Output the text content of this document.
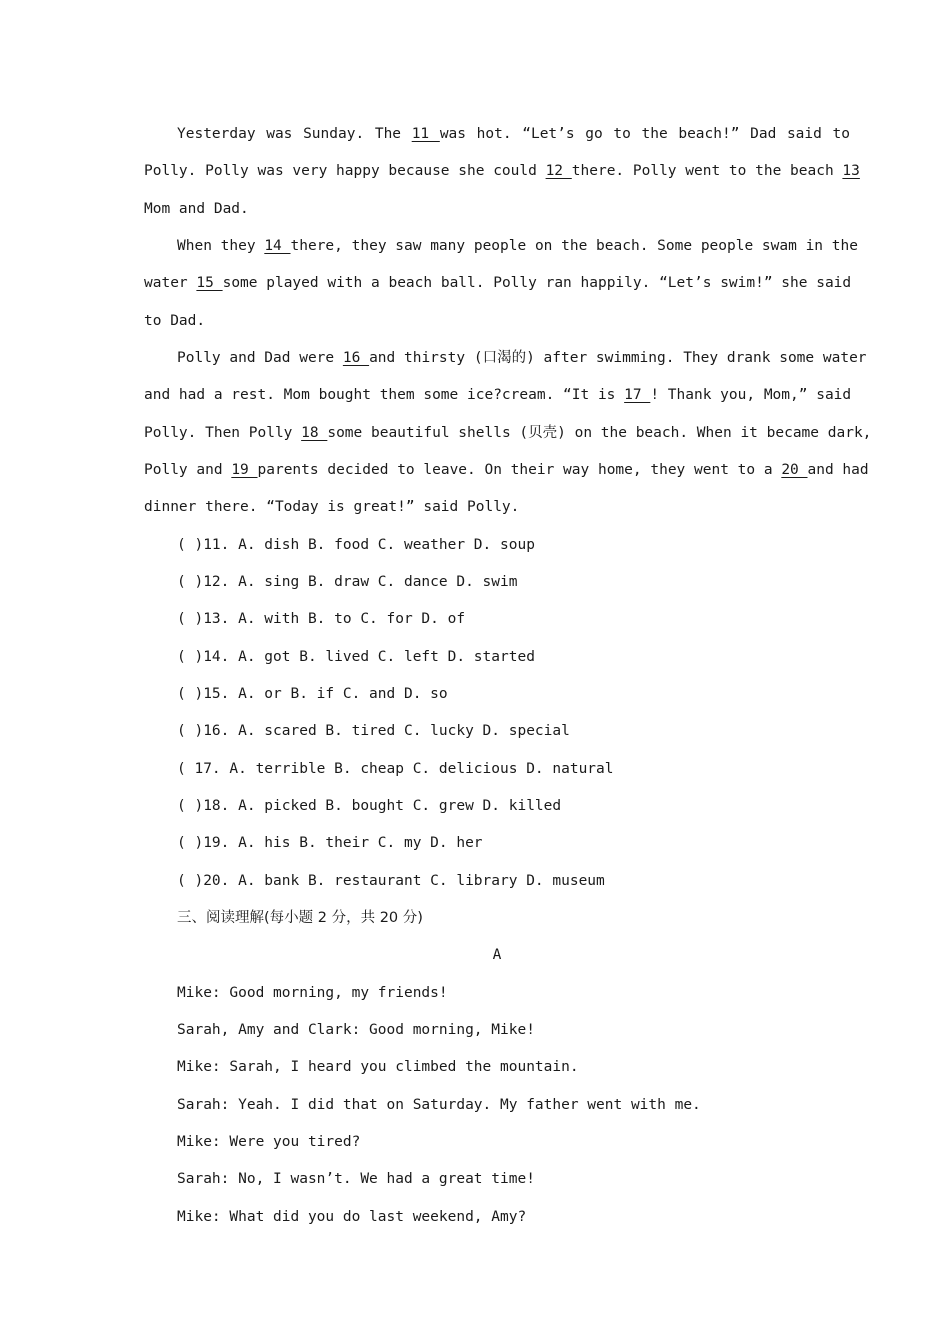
Yesterday was Sunday. The 11 was hot. “Let’s go to the beach!” Dad said to
Polly. Polly was very happy because she could 12 there. Polly went to the beach 13
Mom and Dad.
When they 14 there, they saw many people on the beach. Some people swam in the
water 15 some played with a beach ball. Polly ran happily. “Let’s swim!” she said
to Dad.
Polly and Dad were 16 and thirsty (口渴的) after swimming. They drank some water
and had a rest. Mom bought them some ice?cream. “It is 17 ! Thank you, Mom,” said
Polly. Then Polly 18 some beautiful shells (贝壳) on the beach. When it became dark,
Polly and 19 parents decided to leave. On their way home, they went to a 20 and had
dinner there. “Today is great!” said Polly.
( )11. A. dish B. food C. weather D. soup
( )12. A. sing B. draw C. dance D. swim
( )13. A. with B. to C. for D. of
( )14. A. got B. lived C. left D. started
( )15. A. or B. if C. and D. so
( )16. A. scared B. tired C. lucky D. special
( 17. A. terrible B. cheap C. delicious D. natural
( )18. A. picked B. bought C. grew D. killed
( )19. A. his B. their C. my D. her
( )20. A. bank B. restaurant C. library D. museum
三、阅读理解(每小题 2 分，共 20 分)
A
Mike: Good morning, my friends!
Sarah, Amy and Clark: Good morning, Mike!
Mike: Sarah, I heard you climbed the mountain.
Sarah: Yeah. I did that on Saturday. My father went with me.
Mike: Were you tired?
Sarah: No, I wasn’t. We had a great time!
Mike: What did you do last weekend, Amy?
